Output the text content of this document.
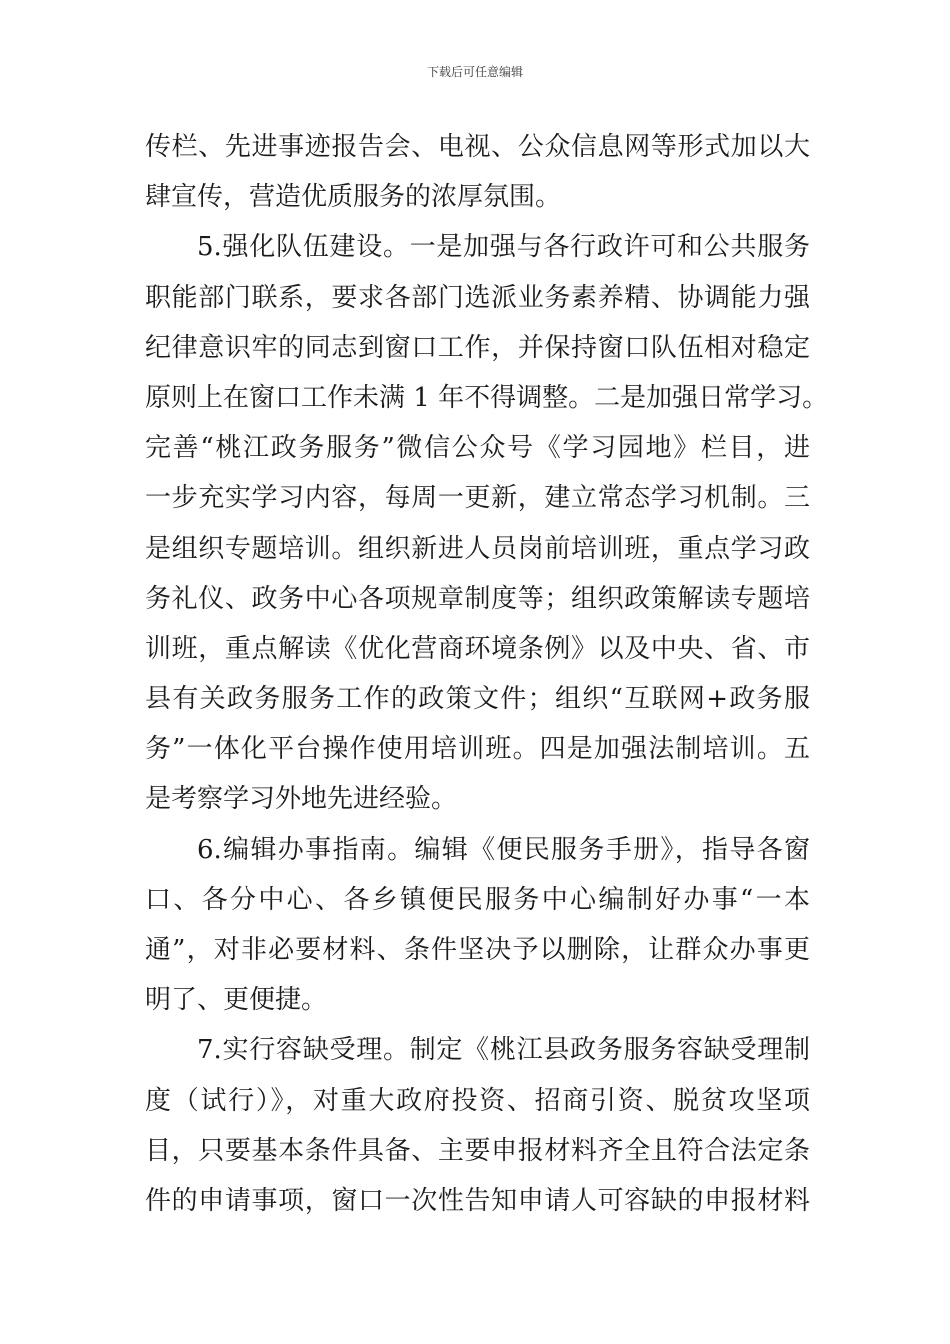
下载后可任意编辑
传栏、先进事迹报告会、电视、公众信息网等形式加以大
肆宣传，营造优质服务的浓厚氛围。
5.强化队伍建设。一是加强与各行政许可和公共服务
职能部门联系，要求各部门选派业务素养精、协调能力强
纪律意识牢的同志到窗口工作，并保持窗口队伍相对稳定
原则上在窗口工作未满 1 年不得调整。二是加强日常学习。
完善“桃江政务服务”微信公众号《学习园地》栏目，进
一步充实学习内容，每周一更新，建立常态学习机制。三
是组织专题培训。组织新进人员岗前培训班，重点学习政
务礼仪、政务中心各项规章制度等；组织政策解读专题培
训班，重点解读《优化营商环境条例》以及中央、省、市
县有关政务服务工作的政策文件；组织“互联网+政务服
务”一体化平台操作使用培训班。四是加强法制培训。五
是考察学习外地先进经验。
6.编辑办事指南。编辑《便民服务手册》，指导各窗
口、各分中心、各乡镇便民服务中心编制好办事“一本
通”，对非必要材料、条件坚决予以删除，让群众办事更
明了、更便捷。
7.实行容缺受理。制定《桃江县政务服务容缺受理制
度（试行）》，对重大政府投资、招商引资、脱贫攻坚项
目，只要基本条件具备、主要申报材料齐全且符合法定条
件的申请事项，窗口一次性告知申请人可容缺的申报材料
